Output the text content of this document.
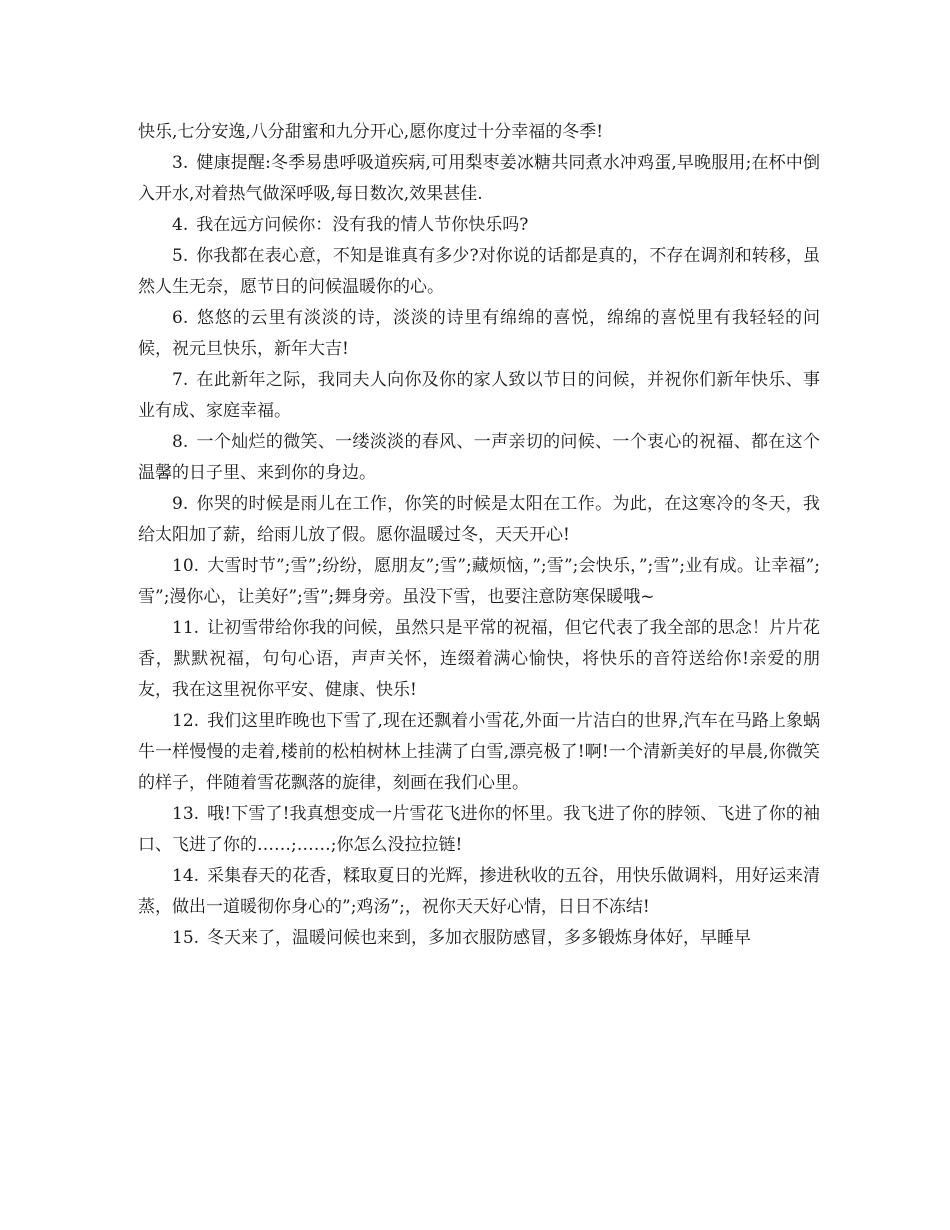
快乐,七分安逸,八分甜蜜和九分开心,愿你度过十分幸福的冬季!

3. 健康提醒:冬季易患呼吸道疾病,可用梨枣姜冰糖共同煮水冲鸡蛋,早晚服用;在杯中倒入开水,对着热气做深呼吸,每日数次,效果甚佳.

4. 我在远方问候你：没有我的情人节你快乐吗?

5. 你我都在表心意，不知是谁真有多少?对你说的话都是真的，不存在调剂和转移，虽然人生无奈，愿节日的问候温暖你的心。

6. 悠悠的云里有淡淡的诗，淡淡的诗里有绵绵的喜悦，绵绵的喜悦里有我轻轻的问候，祝元旦快乐，新年大吉!

7. 在此新年之际，我同夫人向你及你的家人致以节日的问候，并祝你们新年快乐、事业有成、家庭幸福。

8. 一个灿烂的微笑、一缕淡淡的春风、一声亲切的问候、一个衷心的祝福、都在这个温馨的日子里、来到你的身边。

9. 你哭的时候是雨儿在工作，你笑的时候是太阳在工作。为此，在这寒冷的冬天，我给太阳加了薪，给雨儿放了假。愿你温暖过冬，天天开心!

10. 大雪时节”;雪”;纷纷，愿朋友”;雪”;藏烦恼，”;雪”;会快乐，”;雪”;业有成。让幸福”;雪”;漫你心，让美好”;雪”;舞身旁。虽没下雪，也要注意防寒保暖哦~

11. 让初雪带给你我的问候，虽然只是平常的祝福，但它代表了我全部的思念！片片花香，默默祝福，句句心语，声声关怀，连缀着满心愉快，将快乐的音符送给你!亲爱的朋友，我在这里祝你平安、健康、快乐!

12. 我们这里昨晚也下雪了,现在还飘着小雪花,外面一片洁白的世界,汽车在马路上象蜗牛一样慢慢的走着,楼前的松柏树林上挂满了白雪,漂亮极了!啊!一个清新美好的早晨,你微笑的样子，伴随着雪花飘落的旋律，刻画在我们心里。

13. 哦!下雪了!我真想变成一片雪花飞进你的怀里。我飞进了你的脖领、飞进了你的袖口、飞进了你的……;……;你怎么没拉拉链!

14. 采集春天的花香，糅取夏日的光辉，掺进秋收的五谷，用快乐做调料，用好运来清蒸，做出一道暖彻你身心的”;鸡汤”;，祝你天天好心情，日日不冻结!

15. 冬天来了，温暖问候也来到，多加衣服防感冒，多多锻炼身体好，早睡早
